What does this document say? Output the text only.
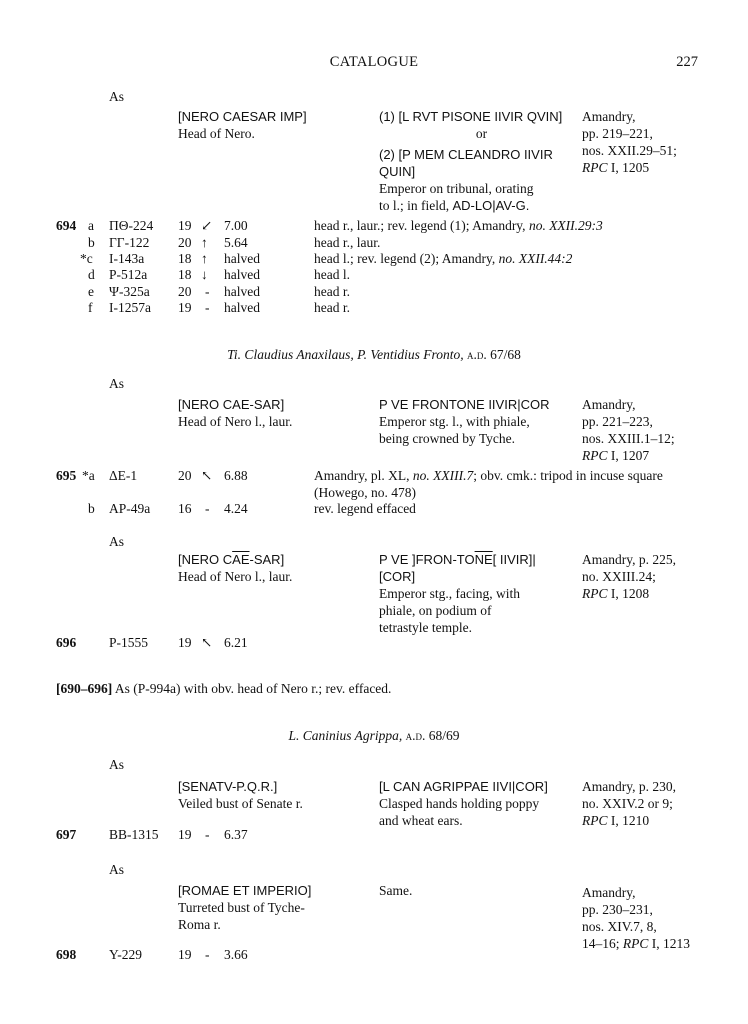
CATALOGUE	227
As
[NERO CAESAR IMP]
Head of Nero.
(1) [L RVT PISONE IIVIR QVIN]
or
(2) [P MEM CLEANDRO IIVIR
QUIN]
Emperor on tribunal, orating
to l.; in field, AD-LO|AV-G.
Amandry,
pp. 219–221,
nos. XXII.29–51;
RPC I, 1205
694 a ΠΘ-224 19 ↙ 7.00	head r., laur.; rev. legend (1); Amandry, no. XXII.29:3
b ΓΓ-122 20 ↑ 5.64	head r., laur.
*c I-143a	18 ↑ halved	head l.; rev. legend (2); Amandry, no. XXII.44:2
d P-512a 18 ↓ halved	head l.
e Ψ-325a 20 - halved	head r.
f I-1257a 19 - halved	head r.
Ti. Claudius Anaxilaus, P. Ventidius Fronto, a.d. 67/68
As
[NERO CAE-SAR]
Head of Nero l., laur.
P VE FRONTONE IIVIR|COR
Emperor stg. l., with phiale,
being crowned by Tyche.
Amandry,
pp. 221–223,
nos. XXIII.1–12;
RPC I, 1207
695 *a ΔE-1	20 ↖ 6.88	Amandry, pl. XL, no. XXIII.7; obv. cmk.: tripod in incuse square
(Howego, no. 478)
b AP-49a 16 - 4.24	rev. legend effaced
As
[NERO $C\overline{AE}-SAR$]
Head of Nero l., laur.
P VE ]$FRON-TO\overline{NE}$[ IIVIR]|
[COR]
Emperor stg., facing, with
phiale, on podium of
tetrastyle temple.
Amandry, p. 225,
no. XXIII.24;
RPC I, 1208
696 P-1555 19 ↖ 6.21
[690–696] As (P-994a) with obv. head of Nero r.; rev. effaced.
L. Caninius Agrippa, a.d. 68/69
As
[SENATV-P.Q.R.]
Veiled bust of Senate r.
[L CAN AGRIPPAE IIVI|COR]
Clasped hands holding poppy
and wheat ears.
Amandry, p. 230,
no. XXIV.2 or 9;
RPC I, 1210
697 BB-1315 19 - 6.37
As
[ROMAE ET IMPERIO]
Turreted bust of Tyche-
Roma r.
Same.	Amandry,
pp. 230–231,
nos. XIV.7, 8,
14–16; RPC I, 1213
698 Υ-229	19 - 3.66
